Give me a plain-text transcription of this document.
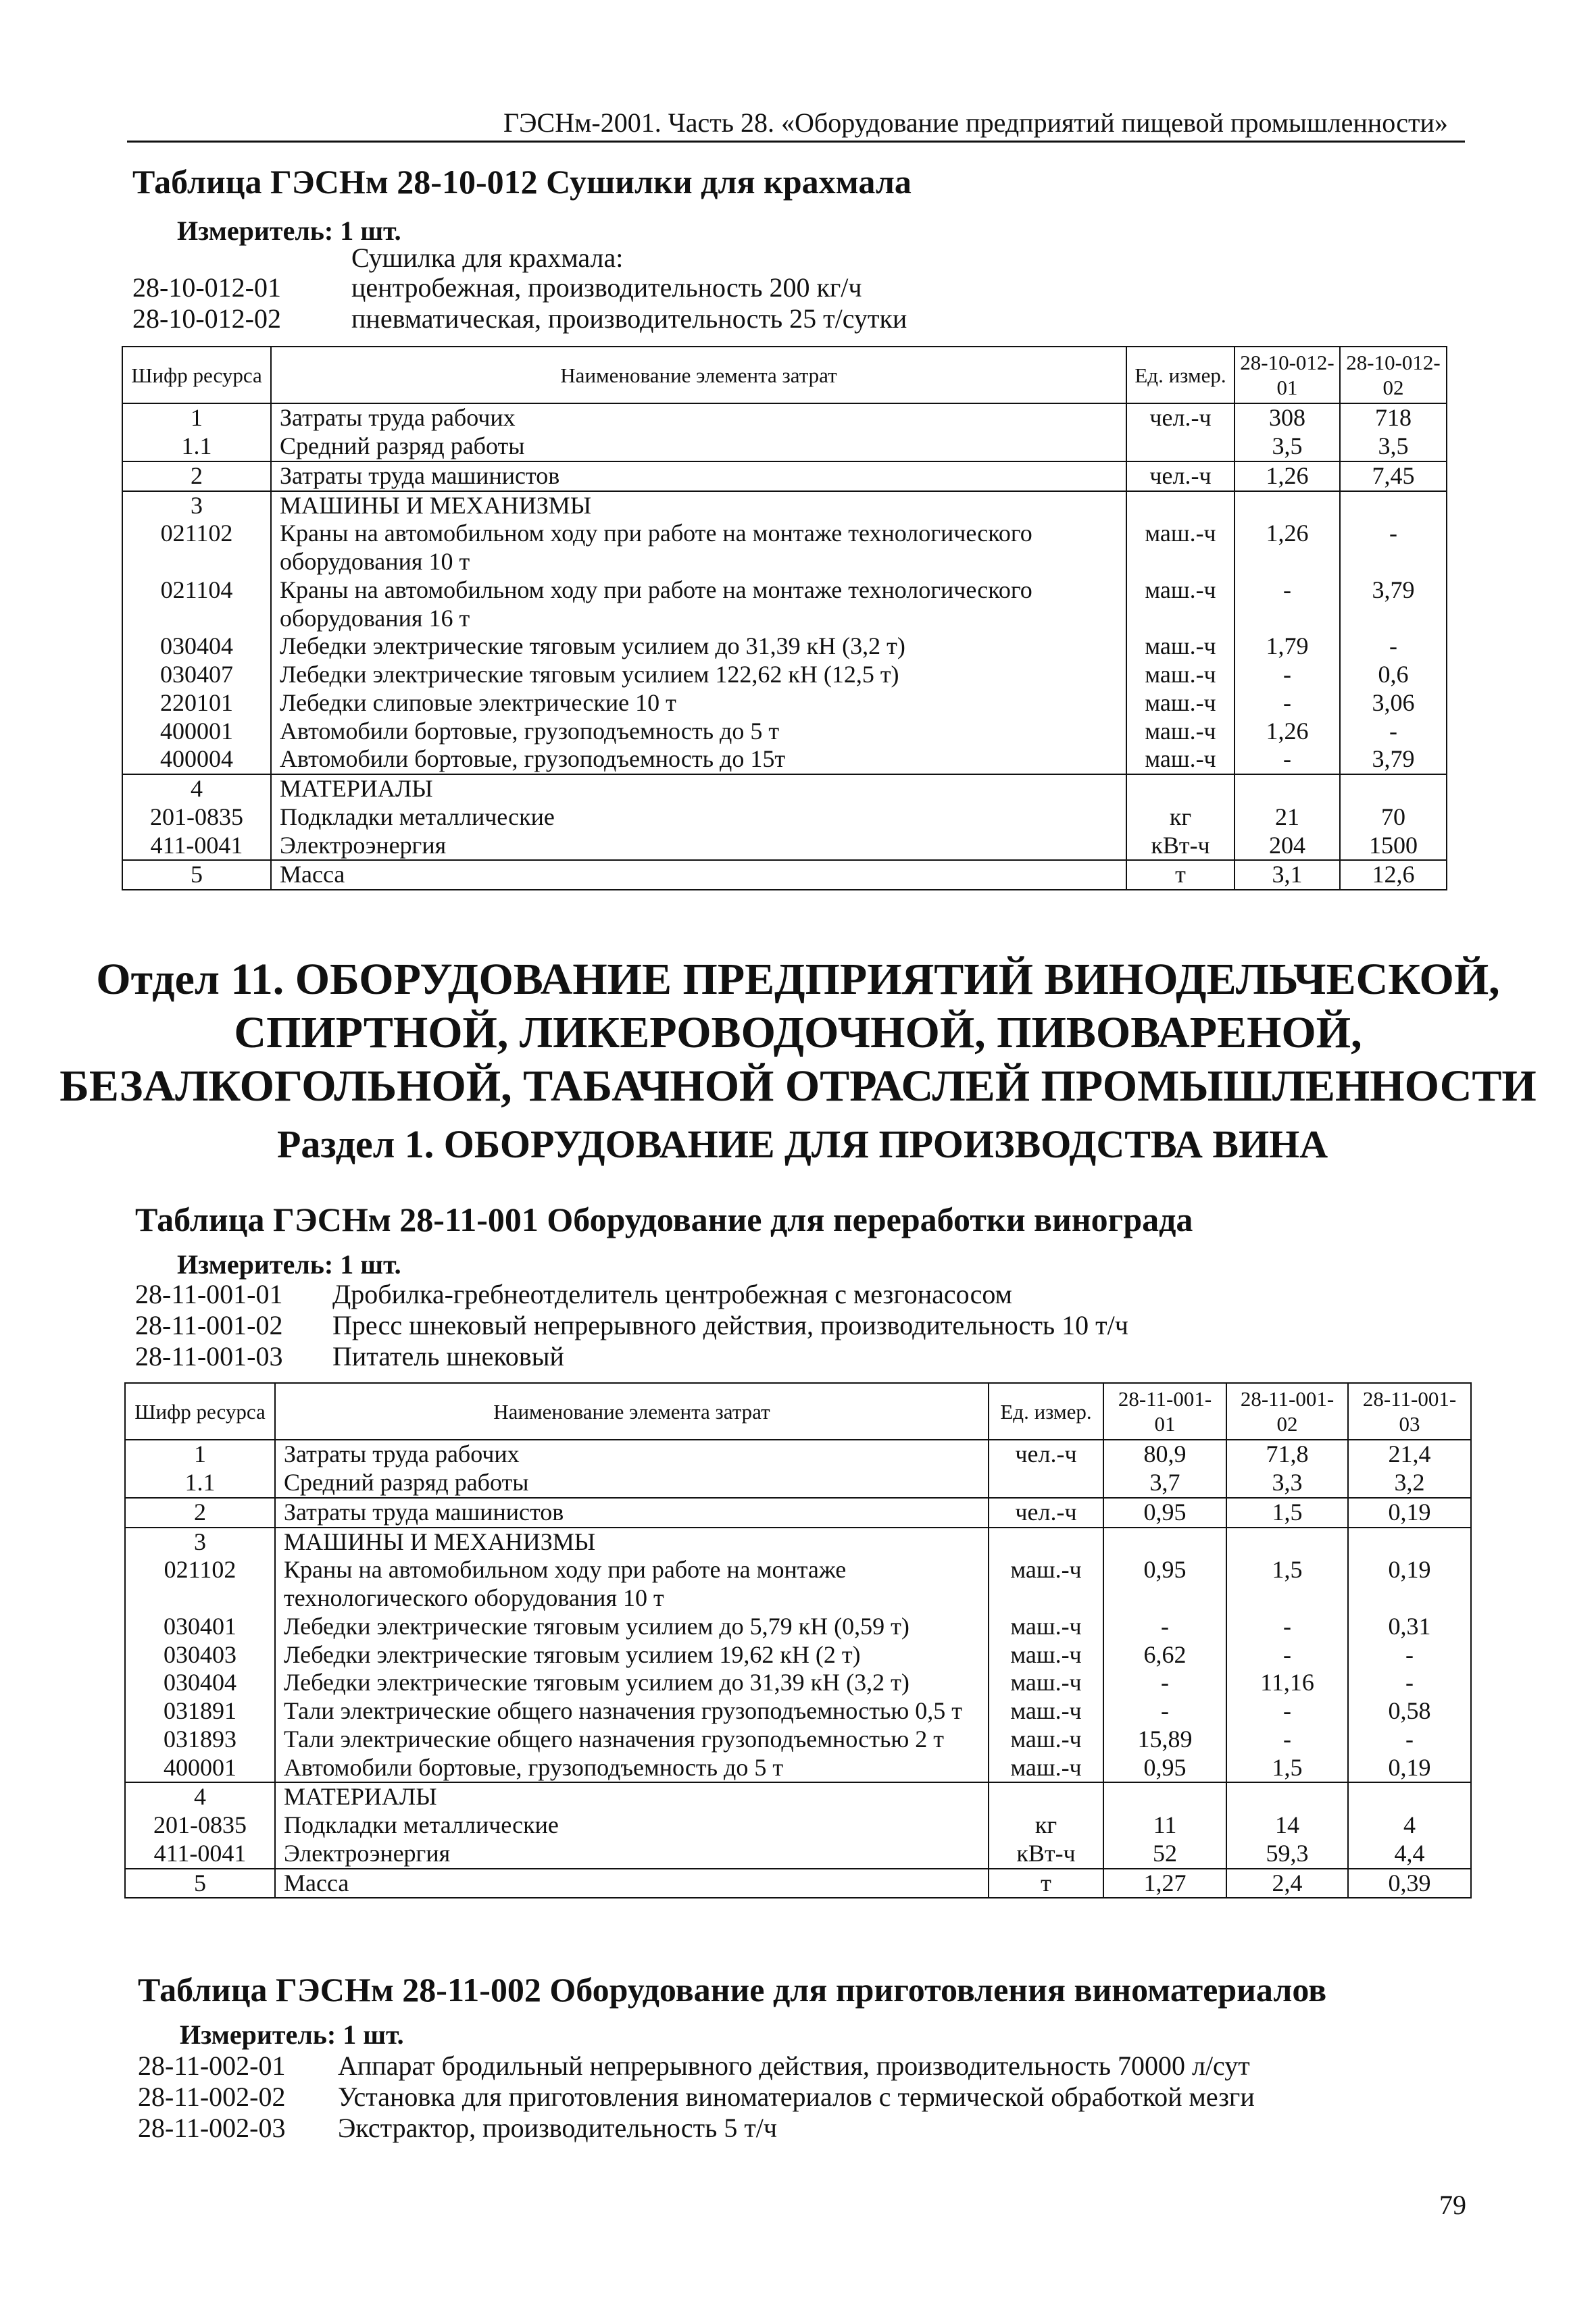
ГЭСНм-2001. Часть 28. «Оборудование предприятий пищевой промышленности»
Таблица ГЭСНм 28-10-012 Сушилки для крахмала
Измеритель: 1 шт.
Сушилка для крахмала:
28-10-012-01	центробежная, производительность 200 кг/ч
28-10-012-02	пневматическая, производительность 25 т/сутки
Шифр ресурса	Наименование элемента затрат	Ед. измер.	28-10-012-01	28-10-012-02
1	Затраты труда рабочих	чел.-ч	308	718
1.1	Средний разряд работы		3,5	3,5
2	Затраты труда машинистов	чел.-ч	1,26	7,45
3	МАШИНЫ И МЕХАНИЗМЫ			
021102	Краны на автомобильном ходу при работе на монтаже технологического оборудования 10 т	маш.-ч	1,26	-
021104	Краны на автомобильном ходу при работе на монтаже технологического оборудования 16 т	маш.-ч	-	3,79
030404	Лебедки электрические тяговым усилием до 31,39 кН (3,2 т)	маш.-ч	1,79	-
030407	Лебедки электрические тяговым усилием 122,62 кН (12,5 т)	маш.-ч	-	0,6
220101	Лебедки слиповые электрические 10 т	маш.-ч	-	3,06
400001	Автомобили бортовые, грузоподъемность до 5 т	маш.-ч	1,26	-
400004	Автомобили бортовые, грузоподъемность до 15т	маш.-ч	-	3,79
4	МАТЕРИАЛЫ			
201-0835	Подкладки металлические	кг	21	70
411-0041	Электроэнергия	кВт-ч	204	1500
5	Масса	т	3,1	12,6
Отдел 11. ОБОРУДОВАНИЕ ПРЕДПРИЯТИЙ ВИНОДЕЛЬЧЕСКОЙ,
СПИРТНОЙ, ЛИКЕРОВОДОЧНОЙ, ПИВОВАРЕНОЙ,
БЕЗАЛКОГОЛЬНОЙ, ТАБАЧНОЙ ОТРАСЛЕЙ ПРОМЫШЛЕННОСТИ
Раздел 1. ОБОРУДОВАНИЕ ДЛЯ ПРОИЗВОДСТВА ВИНА
Таблица ГЭСНм 28-11-001 Оборудование для переработки винограда
Измеритель: 1 шт.
28-11-001-01 Дробилка-гребнеотделитель центробежная с мезгонасосом
28-11-001-02 Пресс шнековый непрерывного действия, производительность 10 т/ч
28-11-001-03 Питатель шнековый
Шифр ресурса	Наименование элемента затрат	Ед. измер.	28-11-001-01	28-11-001-02	28-11-001-03
1	Затраты труда рабочих	чел.-ч	80,9	71,8	21,4
1.1	Средний разряд работы		3,7	3,3	3,2
2	Затраты труда машинистов	чел.-ч	0,95	1,5	0,19
3	МАШИНЫ И МЕХАНИЗМЫ				
021102	Краны на автомобильном ходу при работе на монтаже технологического оборудования 10 т	маш.-ч	0,95	1,5	0,19
030401	Лебедки электрические тяговым усилием до 5,79 кН (0,59 т)	маш.-ч	-	-	0,31
030403	Лебедки электрические тяговым усилием 19,62 кН (2 т)	маш.-ч	6,62	-	-
030404	Лебедки электрические тяговым усилием до 31,39 кН (3,2 т)	маш.-ч	-	11,16	-
031891	Тали электрические общего назначения грузоподъемностью 0,5 т	маш.-ч	-	-	0,58
031893	Тали электрические общего назначения грузоподъемностью 2 т	маш.-ч	15,89	-	-
400001	Автомобили бортовые, грузоподъемность до 5 т	маш.-ч	0,95	1,5	0,19
4	МАТЕРИАЛЫ				
201-0835	Подкладки металлические	кг	11	14	4
411-0041	Электроэнергия	кВт-ч	52	59,3	4,4
5	Масса	т	1,27	2,4	0,39
Таблица ГЭСНм 28-11-002 Оборудование для приготовления виноматериалов
Измеритель: 1 шт.
28-11-002-01 Аппарат бродильный непрерывного действия, производительность 70000 л/сут
28-11-002-02 Установка для приготовления виноматериалов с термической обработкой мезги
28-11-002-03 Экстрактор, производительность 5 т/ч
79
